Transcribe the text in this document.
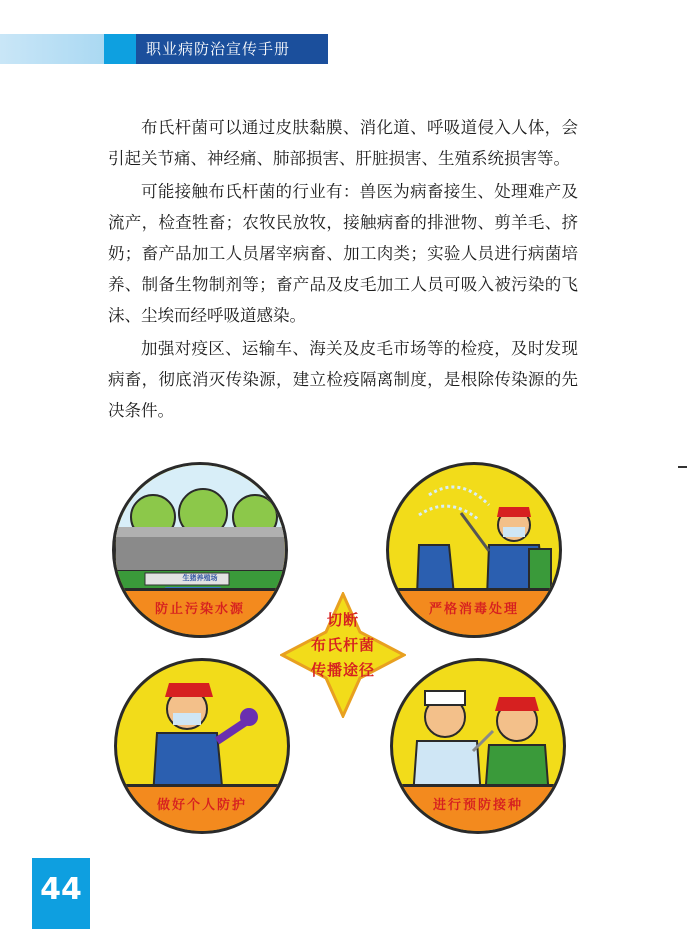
职业病防治宣传手册

布氏杆菌可以通过皮肤黏膜、消化道、呼吸道侵入人体，会引起关节痛、神经痛、肺部损害、肝脏损害、生殖系统损害等。

可能接触布氏杆菌的行业有：兽医为病畜接生、处理难产及流产，检查牲畜；农牧民放牧，接触病畜的排泄物、剪羊毛、挤奶；畜产品加工人员屠宰病畜、加工肉类；实验人员进行病菌培养、制备生物制剂等；畜产品及皮毛加工人员可吸入被污染的飞沫、尘埃而经呼吸道感染。

加强对疫区、运输车、海关及皮毛市场等的检疫，及时发现病畜，彻底消灭传染源，建立检疫隔离制度，是根除传染源的先决条件。

生猪养殖场
防止污染水源	严格消毒处理
切断
布氏杆菌
传播途径
做好个人防护	进行预防接种
44
